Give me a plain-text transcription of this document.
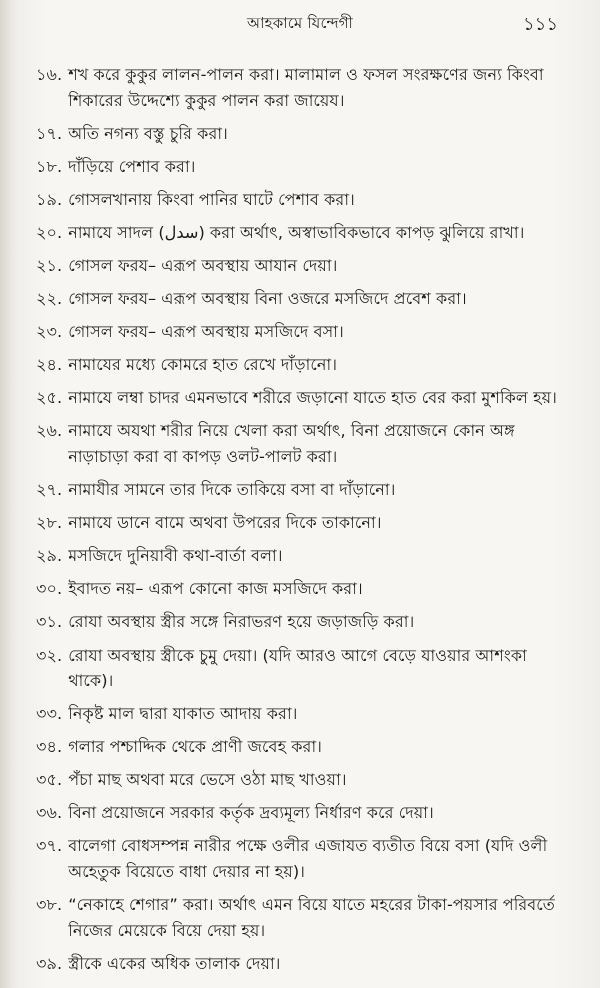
আহকামে যিন্দেগী	১১১
১৬. শখ করে কুকুর লালন-পালন করা। মালামাল ও ফসল সংরক্ষণের জন্য কিংবা শিকারের উদ্দেশ্যে কুকুর পালন করা জায়েয।
১৭. অতি নগন্য বস্তু চুরি করা।
১৮. দাঁড়িয়ে পেশাব করা।
১৯. গোসলখানায় কিংবা পানির ঘাটে পেশাব করা।
২০. নামাযে সাদল (سدل) করা অর্থাৎ, অস্বাভাবিকভাবে কাপড় ঝুলিয়ে রাখা।
২১. গোসল ফরয– এরূপ অবস্থায় আযান দেয়া।
২২. গোসল ফরয– এরূপ অবস্থায় বিনা ওজরে মসজিদে প্রবেশ করা।
২৩. গোসল ফরয– এরূপ অবস্থায় মসজিদে বসা।
২৪. নামাযের মধ্যে কোমরে হাত রেখে দাঁড়ানো।
২৫. নামাযে লম্বা চাদর এমনভাবে শরীরে জড়ানো যাতে হাত বের করা মুশকিল হয়।
২৬. নামাযে অযথা শরীর নিয়ে খেলা করা অর্থাৎ, বিনা প্রয়োজনে কোন অঙ্গ নাড়াচাড়া করা বা কাপড় ওলট-পালট করা।
২৭. নামাযীর সামনে তার দিকে তাকিয়ে বসা বা দাঁড়ানো।
২৮. নামাযে ডানে বামে অথবা উপরের দিকে তাকানো।
২৯. মসজিদে দুনিয়াবী কথা-বার্তা বলা।
৩০. ইবাদত নয়– এরূপ কোনো কাজ মসজিদে করা।
৩১. রোযা অবস্থায় স্ত্রীর সঙ্গে নিরাভরণ হয়ে জড়াজড়ি করা।
৩২. রোযা অবস্থায় স্ত্রীকে চুমু দেয়া। (যদি আরও আগে বেড়ে যাওয়ার আশংকা থাকে)।
৩৩. নিকৃষ্ট মাল দ্বারা যাকাত আদায় করা।
৩৪. গলার পশ্চাদ্দিক থেকে প্রাণী জবেহ করা।
৩৫. পঁচা মাছ অথবা মরে ভেসে ওঠা মাছ খাওয়া।
৩৬. বিনা প্রয়োজনে সরকার কর্তৃক দ্রব্যমূল্য নির্ধারণ করে দেয়া।
৩৭. বালেগা বোধসম্পন্ন নারীর পক্ষে ওলীর এজাযত ব্যতীত বিয়ে বসা (যদি ওলী অহেতুক বিয়েতে বাধা দেয়ার না হয়)।
৩৮. “নেকাহে শেগার” করা। অর্থাৎ এমন বিয়ে যাতে মহরের টাকা-পয়সার পরিবর্তে নিজের মেয়েকে বিয়ে দেয়া হয়।
৩৯. স্ত্রীকে একের অধিক তালাক দেয়া।
